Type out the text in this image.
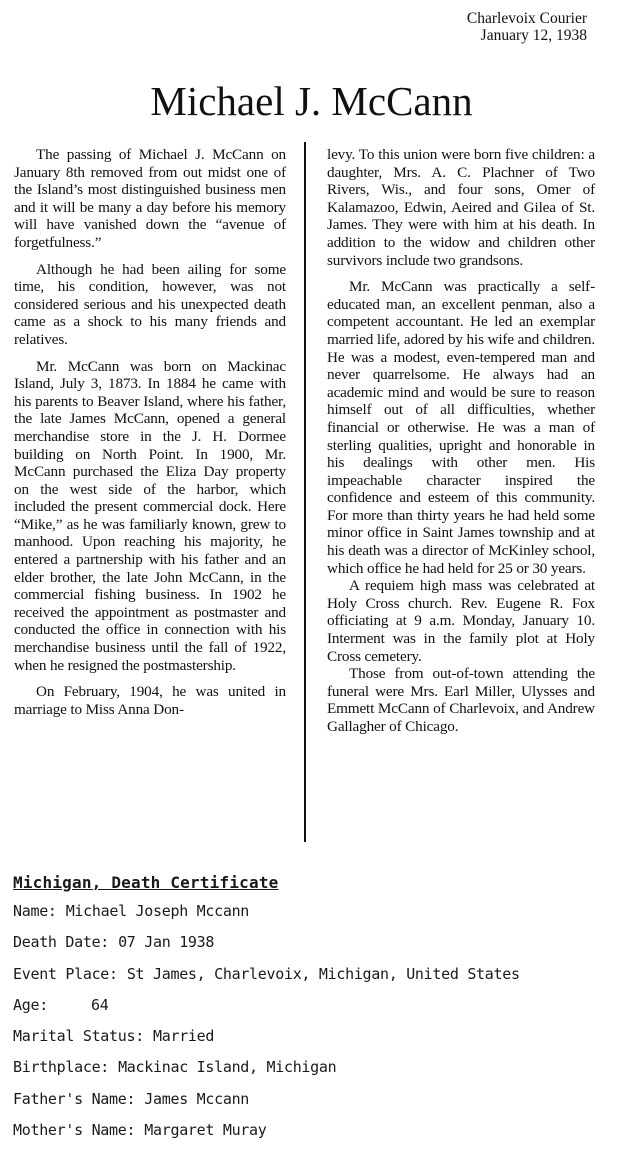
Charlevoix Courier
January 12, 1938
Michael J. McCann

The passing of Michael J. McCann on January 8th removed from out midst one of the Island’s most distinguished business men and it will be many a day before his memory will have vanished down the “avenue of forgetfulness.”

Although he had been ailing for some time, his condition, however, was not considered serious and his unexpected death came as a shock to his many friends and relatives.

Mr. McCann was born on Mackinac Island, July 3, 1873. In 1884 he came with his parents to Beaver Island, where his father, the late James McCann, opened a general merchandise store in the J. H. Dormee building on North Point. In 1900, Mr. McCann purchased the Eliza Day property on the west side of the harbor, which included the present commercial dock. Here “Mike,” as he was familiarly known, grew to manhood. Upon reaching his majority, he entered a partnership with his father and an elder brother, the late John McCann, in the commercial fishing business. In 1902 he received the appointment as postmaster and conducted the office in connection with his merchandise business until the fall of 1922, when he resigned the postmastership.

On February, 1904, he was united in marriage to Miss Anna Don-

levy. To this union were born five children: a daughter, Mrs. A. C. Plachner of Two Rivers, Wis., and four sons, Omer of Kalamazoo, Edwin, Aeired and Gilea of St. James. They were with him at his death. In addition to the widow and children other survivors include two grandsons.

Mr. McCann was practically a self-educated man, an excellent penman, also a competent accountant. He led an exemplar married life, adored by his wife and children. He was a modest, even-tempered man and never quarrelsome. He always had an academic mind and would be sure to reason himself out of all difficulties, whether financial or otherwise. He was a man of sterling qualities, upright and honorable in his dealings with other men. His impeachable character inspired the confidence and esteem of this community. For more than thirty years he had held some minor office in Saint James township and at his death was a director of McKinley school, which office he had held for 25 or 30 years.

A requiem high mass was celebrated at Holy Cross church. Rev. Eugene R. Fox officiating at 9 a.m. Monday, January 10. Interment was in the family plot at Holy Cross cemetery.

Those from out-of-town attending the funeral were Mrs. Earl Miller, Ulysses and Emmett McCann of Charlevoix, and Andrew Gallagher of Chicago.

Michigan, Death Certificate
Name: Michael Joseph Mccann
Death Date: 07 Jan 1938
Event Place: St James, Charlevoix, Michigan, United States
Age:	64
Marital Status: Married
Birthplace: Mackinac Island, Michigan
Father's Name: James Mccann
Mother's Name: Margaret Muray
